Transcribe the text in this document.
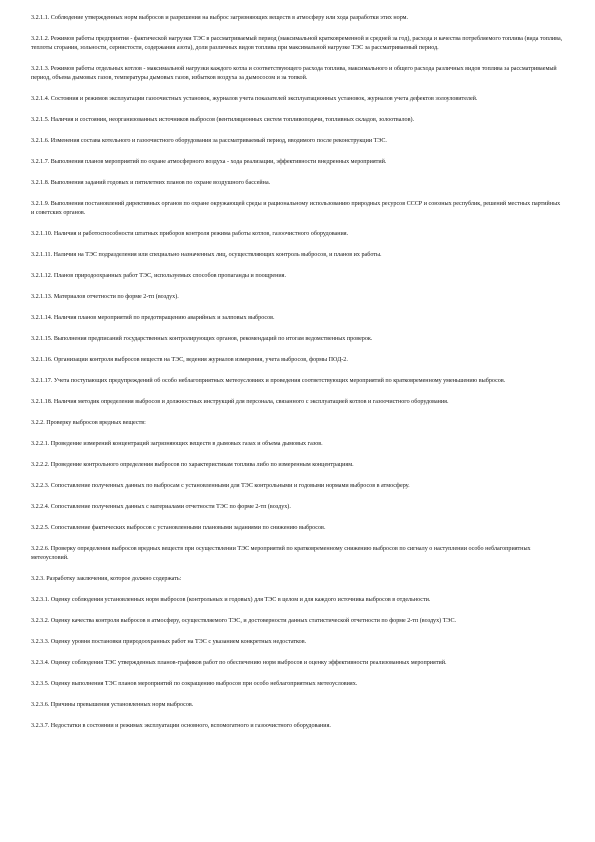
3.2.1.1. Соблюдение утвержденных норм выбросов и разрешения на выброс загрязняющих веществ в атмосферу или хода разработки этих норм.

3.2.1.2. Режимов работы предприятия - фактической нагрузки ТЭС в рассматриваемый период (максимальной кратковременной и средней за год), расхода и качества потребляемого топлива (вида топлива, теплоты сгорания, зольности, сернистости, содержания азота), доли различных видов топлива при максимальной нагрузке ТЭС за рассматриваемый период.

3.2.1.3. Режимов работы отдельных котлов - максимальной нагрузки каждого котла и соответствующего расхода топлива, максимального и общего расхода различных видов топлива за рассматриваемый период, объема дымовых газов, температуры дымовых газов, избытков воздуха за дымососом и за топкой.

3.2.1.4. Состояния и режимов эксплуатации газоочистных установок, журналов учета показателей эксплуатационных установок, журналов учета дефектов золоуловителей.

3.2.1.5. Наличия и состояния, неорганизованных источников выбросов (вентиляционных систем топливоподачи, топливных складов, золоотвалов).

3.2.1.6. Изменения состава котельного и газоочистного оборудования за рассматриваемый период, вводимого после реконструкции ТЭС.

3.2.1.7. Выполнения планов мероприятий по охране атмосферного воздуха - хода реализации, эффективности внедренных мероприятий.

3.2.1.8. Выполнения заданий годовых и пятилетних планов по охране воздушного бассейна.

3.2.1.9. Выполнения постановлений директивных органов по охране окружающей среды и рациональному использованию природных ресурсов СССР и союзных республик, решений местных партийных и советских органов.

3.2.1.10. Наличия и работоспособности штатных приборов контроля режима работы котлов, газоочистного оборудования.

3.2.1.11. Наличия на ТЭС подразделения или специально назначенных лиц, осуществляющих контроль выбросов, и планов их работы.

3.2.1.12. Планов природоохранных работ ТЭС, используемых способов пропаганды и поощрения.

3.2.1.13. Материалов отчетности по форме 2-тп (воздух).

3.2.1.14. Наличия планов мероприятий по предотвращению аварийных и залповых выбросов.

3.2.1.15. Выполнения предписаний государственных контролирующих органов, рекомендаций по итогам ведомственных проверок.

3.2.1.16. Организации контроля выбросов веществ на ТЭС, ведения журналов измерения, учета выбросов, формы ПОД-2.

3.2.1.17. Учета поступающих предупреждений об особо неблагоприятных метеоусловиях и проведения соответствующих мероприятий по кратковременному уменьшению выбросов.

3.2.1.18. Наличия методик определения выбросов и должностных инструкций для персонала, связанного с эксплуатацией котлов и газоочистного оборудования.

3.2.2. Проверку выбросов вредных веществ:

3.2.2.1. Проведение измерений концентраций загрязняющих веществ в дымовых газах и объема дымовых газов.

3.2.2.2. Проведение контрольного определения выбросов по характеристикам топлива либо по измеренным концентрациям.

3.2.2.3. Сопоставление полученных данных по выбросам с установленными для ТЭС контрольными и годовыми нормами выбросов в атмосферу.

3.2.2.4. Сопоставление полученных данных с материалами отчетности ТЭС по форме 2-тп (воздух).

3.2.2.5. Сопоставление фактических выбросов с установленными плановыми заданиями по снижению выбросов.

3.2.2.6. Проверку определения выбросов вредных веществ при осуществлении ТЭС мероприятий по кратковременному снижению выбросов по сигналу о наступлении особо неблагоприятных метеоусловий.

3.2.3. Разработку заключения, которое должно содержать:

3.2.3.1. Оценку соблюдения установленных норм выбросов (контрольных и годовых) для ТЭС в целом и для каждого источника выбросов в отдельности.

3.2.3.2. Оценку качества контроля выбросов в атмосферу, осуществляемого ТЭС, и достоверности данных статистической отчетности по форме 2-тп (воздух) ТЭС.

3.2.3.3. Оценку уровня постановки природоохранных работ на ТЭС с указанием конкретных недостатков.

3.2.3.4. Оценку соблюдения ТЭС утвержденных планов-графиков работ по обеспечению норм выбросов и оценку эффективности реализованных мероприятий.

3.2.3.5. Оценку выполнения ТЭС планов мероприятий по сокращению выбросов при особо неблагоприятных метеоусловиях.

3.2.3.6. Причины превышения установленных норм выбросов.

3.2.3.7. Недостатки в состоянии и режимах эксплуатации основного, вспомогатного и газоочистного оборудования.
